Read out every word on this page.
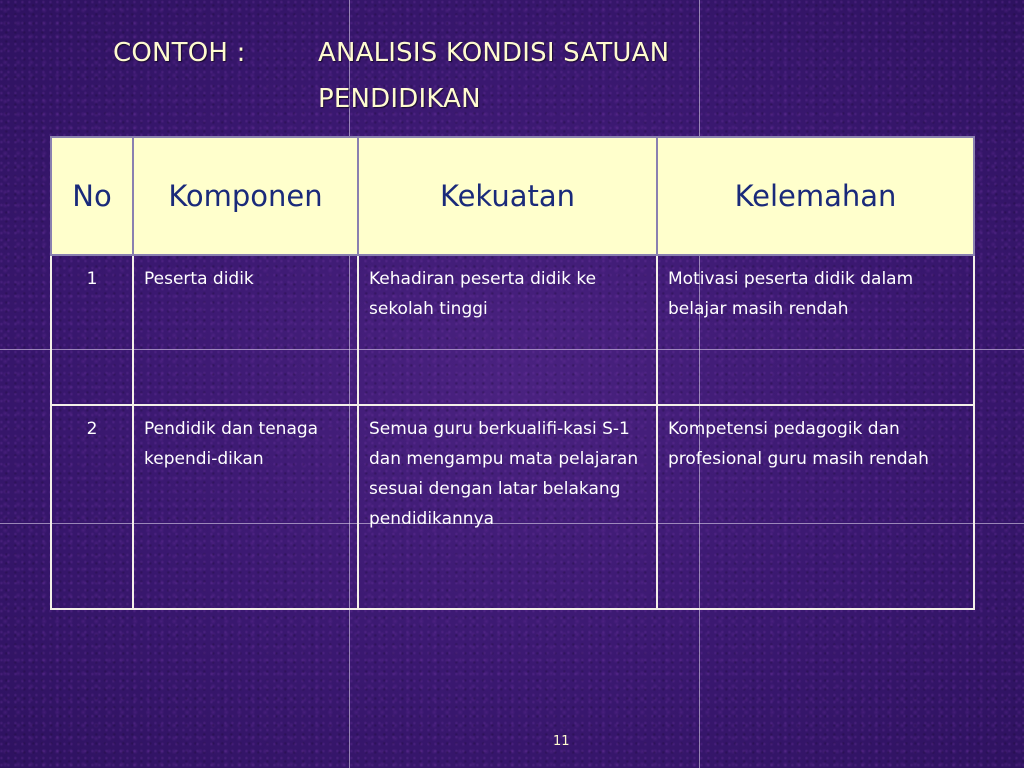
CONTOH :	ANALISIS KONDISI SATUAN PENDIDIKAN
No	Komponen	Kekuatan	Kelemahan
1	Peserta didik	Kehadiran peserta didik ke sekolah tinggi	Motivasi peserta didik dalam belajar masih rendah
2	Pendidik dan tenaga kependi-dikan	Semua guru berkualifi-kasi S-1 dan mengampu mata pelajaran sesuai dengan latar belakang pendidikannya	Kompetensi pedagogik dan profesional guru masih rendah
11
